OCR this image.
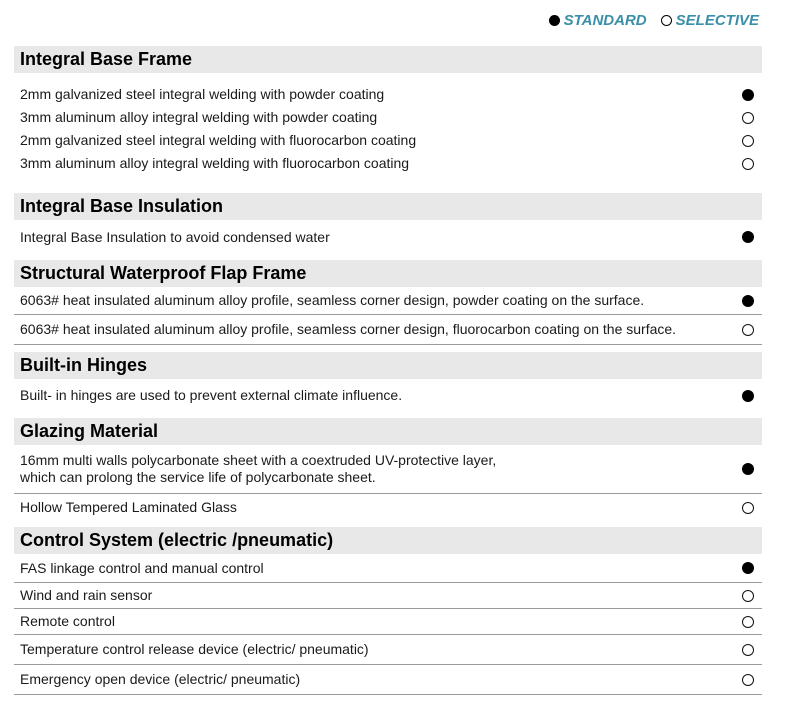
STANDARD SELECTIVE
Integral Base Frame
2mm galvanized steel integral welding with powder coating
3mm aluminum alloy integral welding with powder coating
2mm galvanized steel integral welding with fluorocarbon coating
3mm aluminum alloy integral welding with fluorocarbon coating
Integral Base Insulation
Integral Base Insulation to avoid condensed water
Structural Waterproof Flap Frame
6063# heat insulated aluminum alloy profile, seamless corner design, powder coating on the surface.
6063# heat insulated aluminum alloy profile, seamless corner design, fluorocarbon coating on the surface.
Built-in Hinges
Built- in hinges are used to prevent external climate influence.
Glazing Material
16mm multi walls polycarbonate sheet with a coextruded UV-protective layer,
which can prolong the service life of polycarbonate sheet.
Hollow Tempered Laminated Glass
Control System (electric /pneumatic)
FAS linkage control and manual control
Wind and rain sensor
Remote control
Temperature control release device (electric/ pneumatic)
Emergency open device (electric/ pneumatic)
